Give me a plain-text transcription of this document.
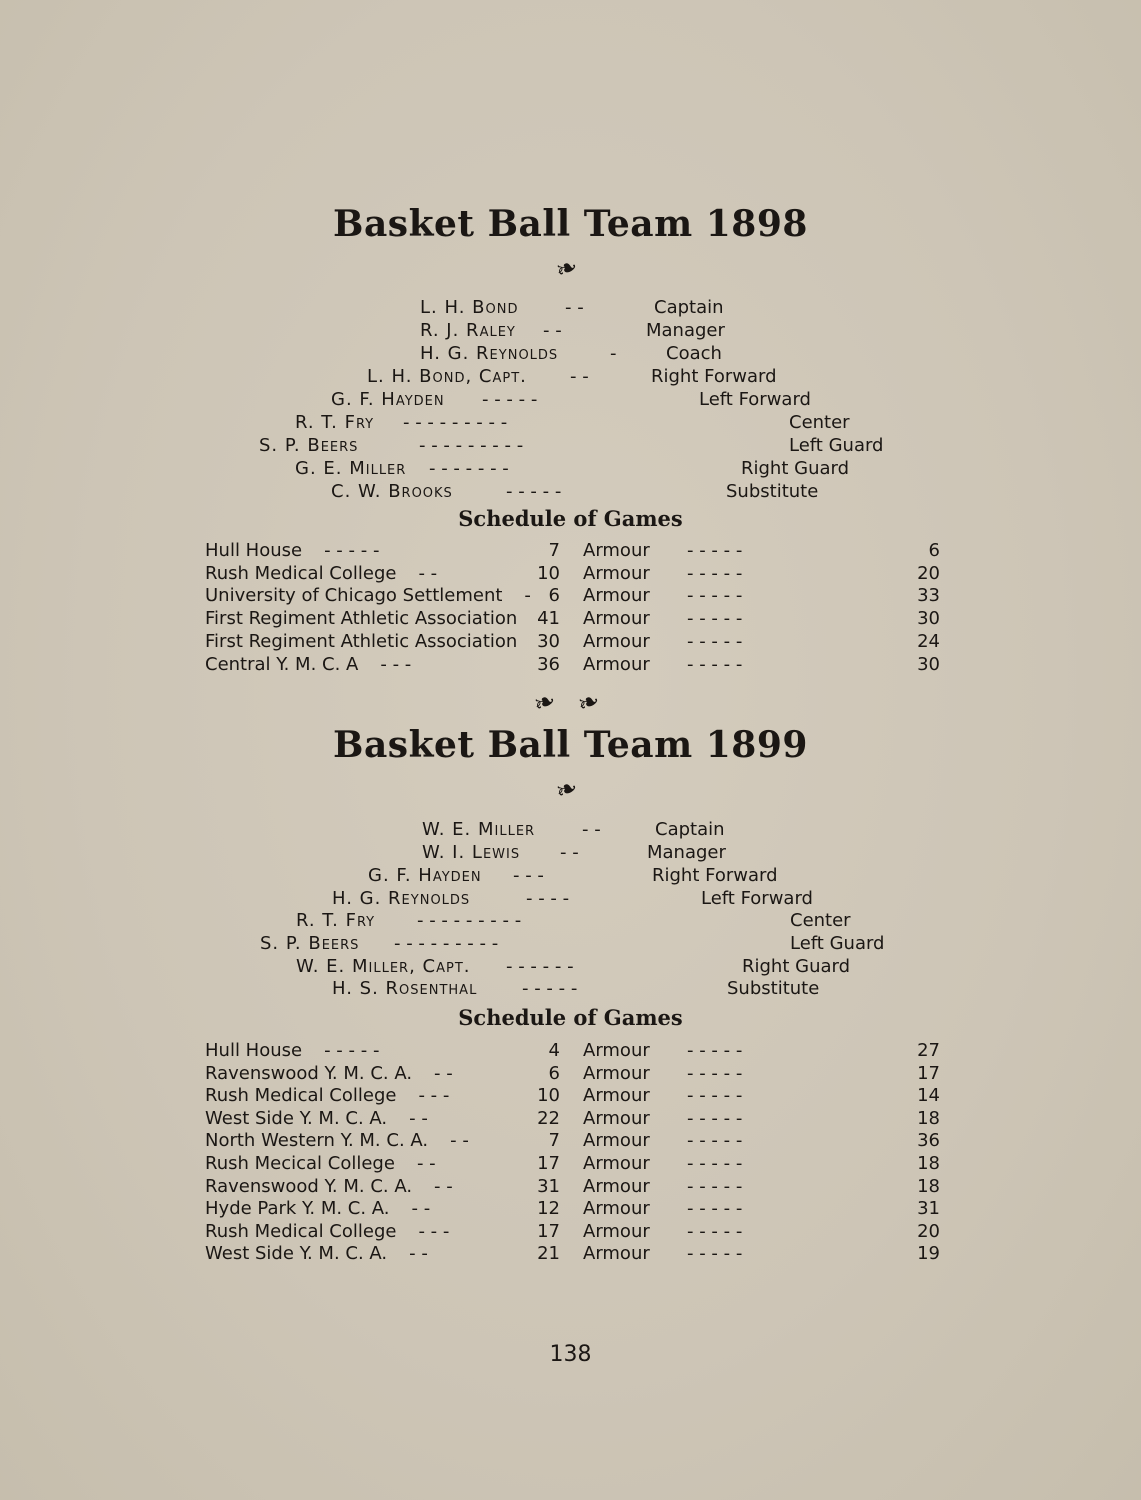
Basket Ball Team 1898
❧
L. H. Bond	- -	Captain
R. J. Raley - -	Manager
H. G. Reynolds	-	Coach
L. H. Bond, Capt. - -	Right Forward
G. F. Hayden - - - - -	Left Forward
R. T. Fry - - - - - - - - -	Center
S. P. Beers	- - - - - - - - -	Left Guard
G. E. Miller - - - - - - -	Right Guard
C. W. Brooks	- - - - -	Substitute
Schedule of Games
Hull House - - - - -	7 Armour - - - - -	6
Rush Medical College - -	10 Armour - - - - -	20
University of Chicago Settlement - 6 Armour - - - - -	33
First Regiment Athletic Association	41 Armour - - - - -	30
First Regiment Athletic Association	30 Armour - - - - -	24
Central Y. M. C. A - - -	36 Armour - - - - -	30
❧ ❧
Basket Ball Team 1899
❧
W. E. Miller	- -	Captain
W. I. Lewis - -	Manager
G. F. Hayden - - -	Right Forward
H. G. Reynolds	- - - -	Left Forward
R. T. Fry - - - - - - - - -	Center
S. P. Beers - - - - - - - - -	Left Guard
W. E. Miller, Capt. - - - - - -	Right Guard
H. S. Rosenthal - - - - -	Substitute
Schedule of Games
Hull House - - - - -	4 Armour - - - - -	27
Ravenswood Y. M. C. A. - -	6 Armour - - - - -	17
Rush Medical College - - -	10 Armour - - - - -	14
West Side Y. M. C. A. - -	22 Armour - - - - -	18
North Western Y. M. C. A. - -	7 Armour - - - - -	36
Rush Mecical College - -	17 Armour - - - - -	18
Ravenswood Y. M. C. A. - -	31 Armour - - - - -	18
Hyde Park Y. M. C. A. - -	12 Armour - - - - -	31
Rush Medical College - - -	17 Armour - - - - -	20
West Side Y. M. C. A. - -	21 Armour - - - - -	19
138
